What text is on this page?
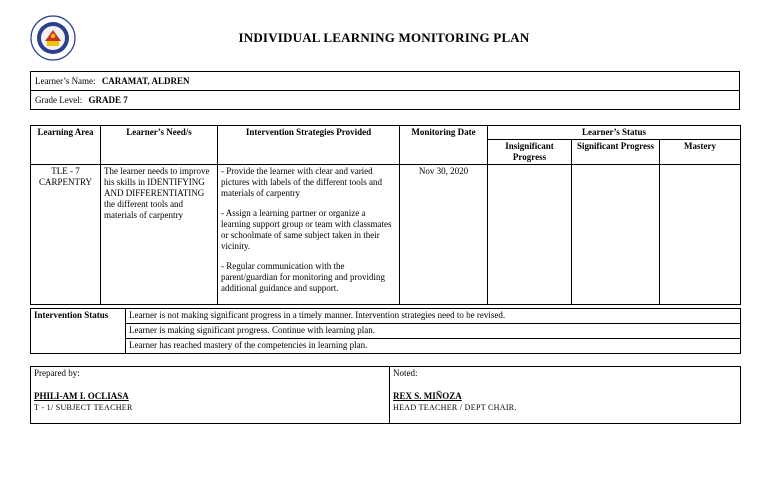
INDIVIDUAL LEARNING MONITORING PLAN
Learner’s Name: CARAMAT, ALDREN
Grade Level: GRADE 7
Learning Area	Learner’s Need/s	Intervention Strategies Provided	Monitoring Date	Learner’s Status		
				Insignificant Progress	Significant Progress	Mastery
TLE - 7 CARPENTRY	The learner needs to improve his skills in IDENTIFYING AND DIFFERENTIATING the different tools and materials of carpentry	- Provide the learner with clear and varied pictures with labels of the different tools and materials of carpentry

- Assign a learning partner or organize a learning support group or team with classmates or schoolmate of same subject taken in their vicinity.

- Regular communication with the parent/guardian for monitoring and providing additional guidance and support.	Nov 30, 2020			
Intervention Status	Learner is not making significant progress in a timely manner. Intervention strategies need to be revised.
Learner is making significant progress. Continue with learning plan.
Learner has reached mastery of the competencies in learning plan.
Prepared by:
PHILI-AM I. OCLIASA
T - 1/ SUBJECT TEACHER
	Noted:
REX S. MIÑOZA
HEAD TEACHER / DEPT CHAIR.
